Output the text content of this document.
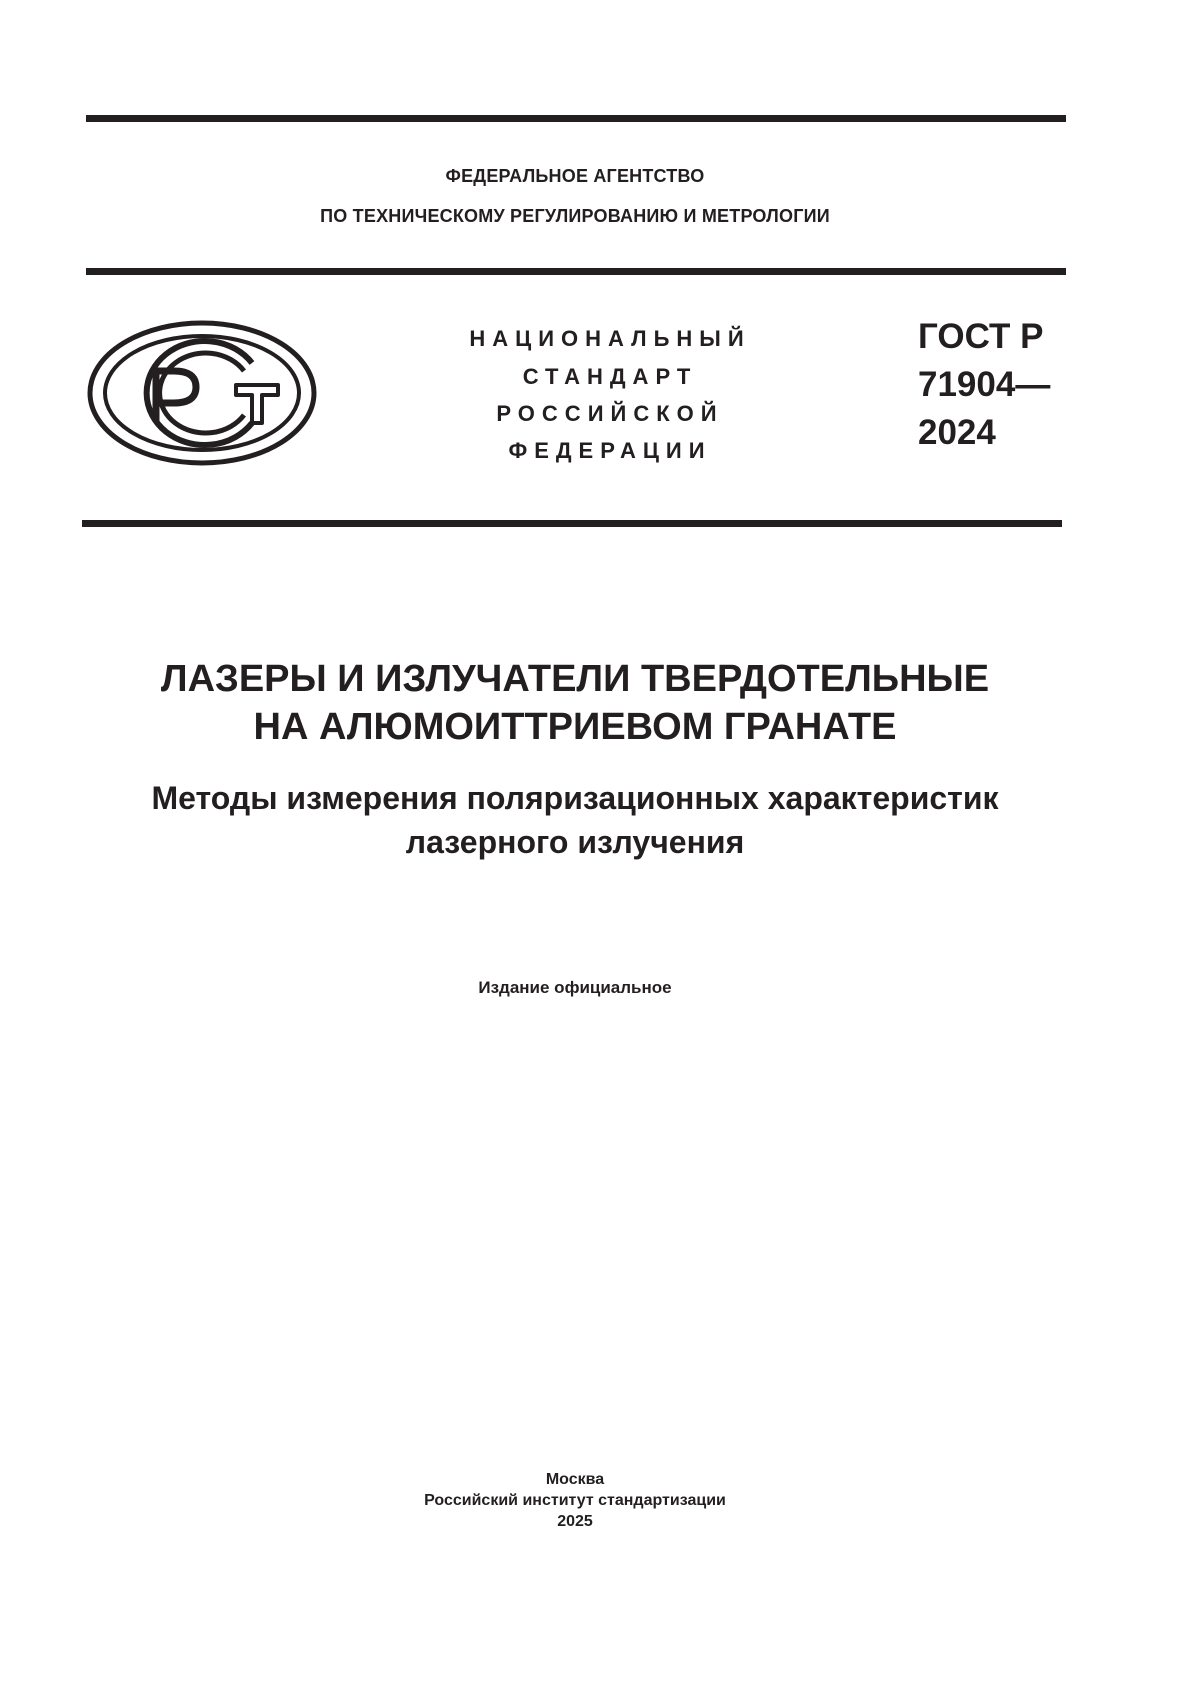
ФЕДЕРАЛЬНОЕ АГЕНТСТВО
ПО ТЕХНИЧЕСКОМУ РЕГУЛИРОВАНИЮ И МЕТРОЛОГИИ
НАЦИОНАЛЬНЫЙ
СТАНДАРТ
РОССИЙСКОЙ
ФЕДЕРАЦИИ
ГОСТ Р
71904—
2024
ЛАЗЕРЫ И ИЗЛУЧАТЕЛИ ТВЕРДОТЕЛЬНЫЕ
НА АЛЮМОИТТРИЕВОМ ГРАНАТЕ
Методы измерения поляризационных характеристик
лазерного излучения
Издание официальное
Москва
Российский институт стандартизации
2025
